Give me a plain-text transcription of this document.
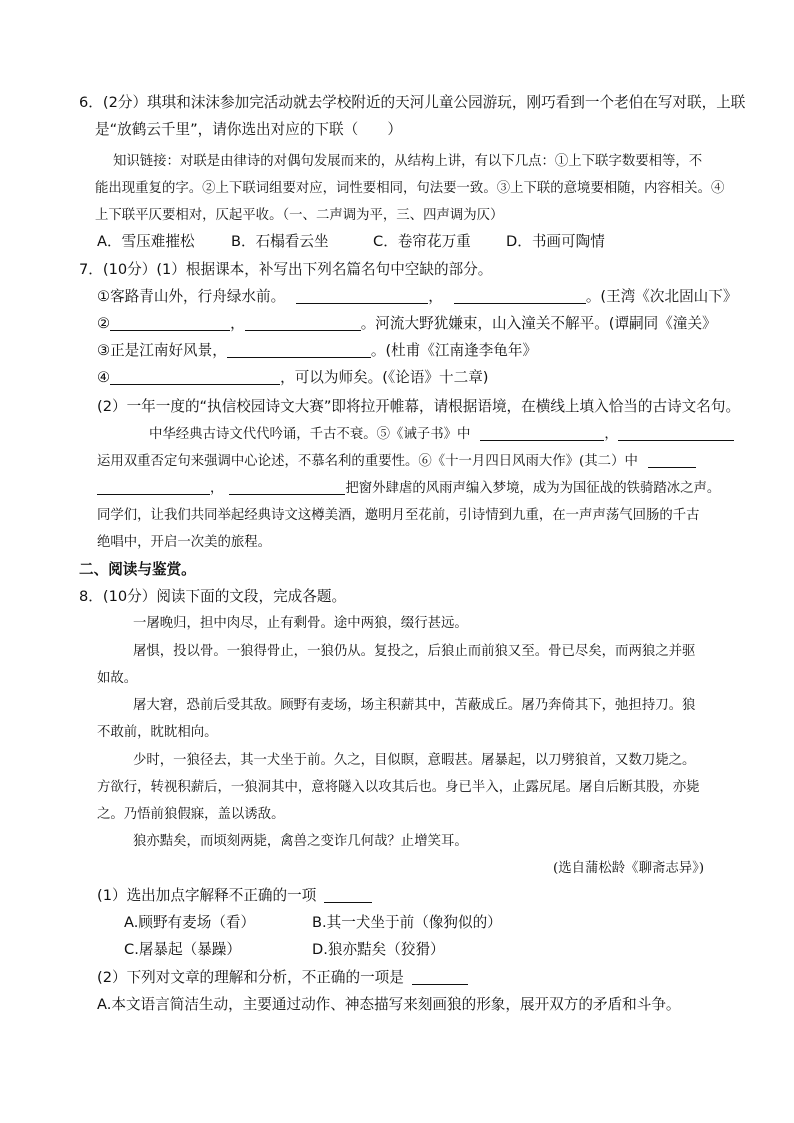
6．(2分）琪琪和沫沫参加完活动就去学校附近的天河儿童公园游玩，刚巧看到一个老伯在写对联，上联
是“放鹤云千里”，请你选出对应的下联（　　）
知识链接：对联是由律诗的对偶句发展而来的，从结构上讲，有以下几点：①上下联字数要相等，不
能出现重复的字。②上下联词组要对应，词性要相同，句法要一致。③上下联的意境要相随，内容相关。④
上下联平仄要相对，仄起平收。（一、二声调为平，三、四声调为仄）
A．雪压难摧松 B．石榻看云坐	C．卷帘花万重 D．书画可陶情
7．(10分）(1）根据课本，补写出下列名篇名句中空缺的部分。
①客路青山外，行舟绿水前。	，	。(王湾《次北固山下》
②	，	。河流大野犹嫌束，山入潼关不解平。(谭嗣同《潼关》
③正是江南好风景，	。(杜甫《江南逢李龟年》
④	，可以为师矣。(《论语》十二章)
(2）一年一度的“执信校园诗文大赛”即将拉开帷幕，请根据语境，在横线上填入恰当的古诗文名句。
中华经典古诗文代代吟诵，千古不衰。⑤《诫子书》中	，
运用双重否定句来强调中心论述，不慕名利的重要性。⑥《十一月四日风雨大作》(其二）中
，	把窗外肆虐的风雨声编入梦境，成为为国征战的铁骑踏冰之声。
同学们，让我们共同举起经典诗文这樽美酒，邀明月至花前，引诗情到九重，在一声声荡气回肠的千古
绝唱中，开启一次美的旅程。
二、阅读与鉴赏。
8．(10分）阅读下面的文段，完成各题。
一屠晚归，担中肉尽，止有剩骨。途中两狼，缀行甚远。
屠惧，投以骨。一狼得骨止，一狼仍从。复投之，后狼止而前狼又至。骨已尽矣，而两狼之并驱
如故。
屠大窘，恐前后受其敌。顾野有麦场，场主积薪其中，苫蔽成丘。屠乃奔倚其下，弛担持刀。狼
不敢前，眈眈相向。
少时，一狼径去，其一犬坐于前。久之，目似瞑，意暇甚。屠暴起，以刀劈狼首，又数刀毙之。
方欲行，转视积薪后，一狼洞其中，意将隧入以攻其后也。身已半入，止露尻尾。屠自后断其股，亦毙
之。乃悟前狼假寐，盖以诱敌。
狼亦黠矣，而顷刻两毙，禽兽之变诈几何哉？止增笑耳。
(选自蒲松龄《聊斋志异》)
(1）选出加点字解释不正确的一项
A.顾野有麦场（看）	B.其一犬坐于前（像狗似的）
C.屠暴起（暴躁）	D.狼亦黠矣（狡猾）
(2）下列对文章的理解和分析，不正确的一项是
A.本文语言简洁生动，主要通过动作、神态描写来刻画狼的形象，展开双方的矛盾和斗争。
